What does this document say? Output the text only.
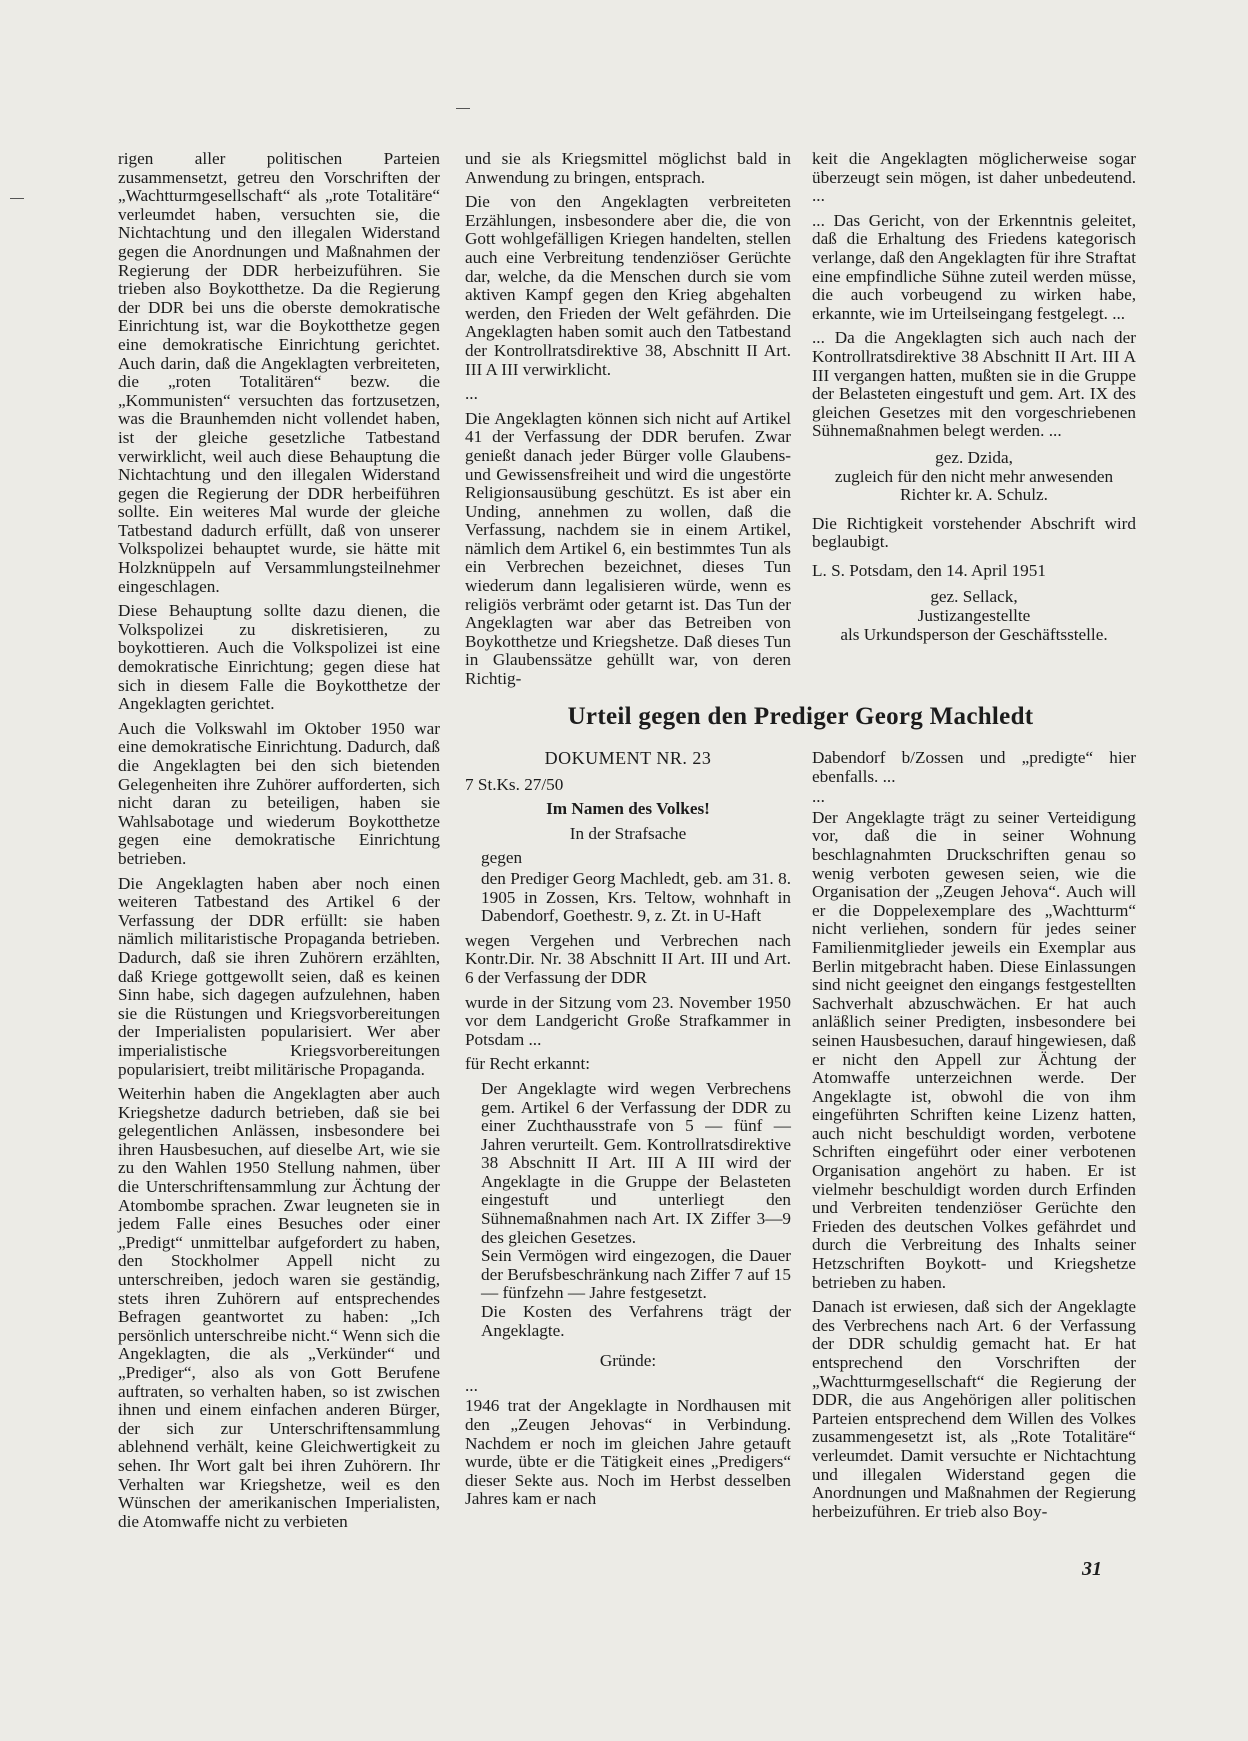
rigen aller politischen Parteien zusammensetzt, getreu den Vorschriften der „Wachtturmgesellschaft“ als „rote Totalitäre“ verleumdet haben, versuchten sie, die Nichtachtung und den illegalen Widerstand gegen die Anordnungen und Maßnahmen der Regierung der DDR herbeizuführen. Sie trieben also Boykotthetze. Da die Regierung der DDR bei uns die oberste demokratische Einrichtung ist, war die Boykotthetze gegen eine demokratische Einrichtung gerichtet. Auch darin, daß die Angeklagten verbreiteten, die „roten Totalitären“ bezw. die „Kommunisten“ versuchten das fortzusetzen, was die Braunhemden nicht vollendet haben, ist der gleiche gesetzliche Tatbestand verwirklicht, weil auch diese Behauptung die Nichtachtung und den illegalen Widerstand gegen die Regierung der DDR herbeiführen sollte. Ein weiteres Mal wurde der gleiche Tatbestand dadurch erfüllt, daß von unserer Volkspolizei behauptet wurde, sie hätte mit Holzknüppeln auf Versammlungsteilnehmer eingeschlagen.

Diese Behauptung sollte dazu dienen, die Volkspolizei zu diskretisieren, zu boykottieren. Auch die Volkspolizei ist eine demokratische Einrichtung; gegen diese hat sich in diesem Falle die Boykotthetze der Angeklagten gerichtet.

Auch die Volkswahl im Oktober 1950 war eine demokratische Einrichtung. Dadurch, daß die Angeklagten bei den sich bietenden Gelegenheiten ihre Zuhörer aufforderten, sich nicht daran zu beteiligen, haben sie Wahlsabotage und wiederum Boykotthetze gegen eine demokratische Einrichtung betrieben.

Die Angeklagten haben aber noch einen weiteren Tatbestand des Artikel 6 der Verfassung der DDR erfüllt: sie haben nämlich militaristische Propaganda betrieben. Dadurch, daß sie ihren Zuhörern erzählten, daß Kriege gottgewollt seien, daß es keinen Sinn habe, sich dagegen aufzulehnen, haben sie die Rüstungen und Kriegsvorbereitungen der Imperialisten popularisiert. Wer aber imperialistische Kriegsvorbereitungen popularisiert, treibt militärische Propaganda.

Weiterhin haben die Angeklagten aber auch Kriegshetze dadurch betrieben, daß sie bei gelegentlichen Anlässen, insbesondere bei ihren Hausbesuchen, auf dieselbe Art, wie sie zu den Wahlen 1950 Stellung nahmen, über die Unterschriftensammlung zur Ächtung der Atombombe sprachen. Zwar leugneten sie in jedem Falle eines Besuches oder einer „Predigt“ unmittelbar aufgefordert zu haben, den Stockholmer Appell nicht zu unterschreiben, jedoch waren sie geständig, stets ihren Zuhörern auf entsprechendes Befragen geantwortet zu haben: „Ich persönlich unterschreibe nicht.“ Wenn sich die Angeklagten, die als „Verkünder“ und „Prediger“, also als von Gott Berufene auftraten, so verhalten haben, so ist zwischen ihnen und einem einfachen anderen Bürger, der sich zur Unterschriftensammlung ablehnend verhält, keine Gleichwertigkeit zu sehen. Ihr Wort galt bei ihren Zuhörern. Ihr Verhalten war Kriegshetze, weil es den Wünschen der amerikanischen Imperialisten, die Atomwaffe nicht zu verbieten

und sie als Kriegsmittel möglichst bald in Anwendung zu bringen, entsprach.

Die von den Angeklagten verbreiteten Erzählungen, insbesondere aber die, die von Gott wohlgefälligen Kriegen handelten, stellen auch eine Verbreitung tendenziöser Gerüchte dar, welche, da die Menschen durch sie vom aktiven Kampf gegen den Krieg abgehalten werden, den Frieden der Welt gefährden. Die Angeklagten haben somit auch den Tatbestand der Kontrollratsdirektive 38, Abschnitt II Art. III A III verwirklicht.

...

Die Angeklagten können sich nicht auf Artikel 41 der Verfassung der DDR berufen. Zwar genießt danach jeder Bürger volle Glaubens- und Gewissensfreiheit und wird die ungestörte Religionsausübung geschützt. Es ist aber ein Unding, annehmen zu wollen, daß die Verfassung, nachdem sie in einem Artikel, nämlich dem Artikel 6, ein bestimmtes Tun als ein Verbrechen bezeichnet, dieses Tun wiederum dann legalisieren würde, wenn es religiös verbrämt oder getarnt ist. Das Tun der Angeklagten war aber das Betreiben von Boykotthetze und Kriegshetze. Daß dieses Tun in Glaubenssätze gehüllt war, von deren Richtig-

keit die Angeklagten möglicherweise sogar überzeugt sein mögen, ist daher unbedeutend. ...

... Das Gericht, von der Erkenntnis geleitet, daß die Erhaltung des Friedens kategorisch verlange, daß den Angeklagten für ihre Straftat eine empfindliche Sühne zuteil werden müsse, die auch vorbeugend zu wirken habe, erkannte, wie im Urteilseingang festgelegt. ...

... Da die Angeklagten sich auch nach der Kontrollratsdirektive 38 Abschnitt II Art. III A III vergangen hatten, mußten sie in die Gruppe der Belasteten eingestuft und gem. Art. IX des gleichen Gesetzes mit den vorgeschriebenen Sühnemaßnahmen belegt werden. ...

gez. Dzida,
zugleich für den nicht mehr anwesenden
Richter kr. A. Schulz.

Die Richtigkeit vorstehender Abschrift wird beglaubigt.

L. S. Potsdam, den 14. April 1951

gez. Sellack,
Justizangestellte
als Urkundsperson der Geschäftsstelle.
Urteil gegen den Prediger Georg Machledt

DOKUMENT NR. 23

7 St.Ks. 27/50

Im Namen des Volkes!

In der Strafsache

gegen

den Prediger Georg Machledt, geb. am 31. 8. 1905 in Zossen, Krs. Teltow, wohnhaft in Dabendorf, Goethestr. 9, z. Zt. in U-Haft

wegen Vergehen und Verbrechen nach Kontr.Dir. Nr. 38 Abschnitt II Art. III und Art. 6 der Verfassung der DDR

wurde in der Sitzung vom 23. November 1950 vor dem Landgericht Große Strafkammer in Potsdam ...

für Recht erkannt:

Der Angeklagte wird wegen Verbrechens gem. Artikel 6 der Verfassung der DDR zu einer Zuchthausstrafe von 5 — fünf — Jahren verurteilt. Gem. Kontrollratsdirektive 38 Abschnitt II Art. III A III wird der Angeklagte in die Gruppe der Belasteten eingestuft und unterliegt den Sühnemaßnahmen nach Art. IX Ziffer 3—9 des gleichen Gesetzes.

Sein Vermögen wird eingezogen, die Dauer der Berufsbeschränkung nach Ziffer 7 auf 15 — fünfzehn — Jahre festgesetzt.

Die Kosten des Verfahrens trägt der Angeklagte.

Gründe:

...

1946 trat der Angeklagte in Nordhausen mit den „Zeugen Jehovas“ in Verbindung. Nachdem er noch im gleichen Jahre getauft wurde, übte er die Tätigkeit eines „Predigers“ dieser Sekte aus. Noch im Herbst desselben Jahres kam er nach

Dabendorf b/Zossen und „predigte“ hier ebenfalls. ...

...

Der Angeklagte trägt zu seiner Verteidigung vor, daß die in seiner Wohnung beschlagnahmten Druckschriften genau so wenig verboten gewesen seien, wie die Organisation der „Zeugen Jehova“. Auch will er die Doppelexemplare des „Wachtturm“ nicht verliehen, sondern für jedes seiner Familienmitglieder jeweils ein Exemplar aus Berlin mitgebracht haben. Diese Einlassungen sind nicht geeignet den eingangs festgestellten Sachverhalt abzuschwächen. Er hat auch anläßlich seiner Predigten, insbesondere bei seinen Hausbesuchen, darauf hingewiesen, daß er nicht den Appell zur Ächtung der Atomwaffe unterzeichnen werde. Der Angeklagte ist, obwohl die von ihm eingeführten Schriften keine Lizenz hatten, auch nicht beschuldigt worden, verbotene Schriften eingeführt oder einer verbotenen Organisation angehört zu haben. Er ist vielmehr beschuldigt worden durch Erfinden und Verbreiten tendenziöser Gerüchte den Frieden des deutschen Volkes gefährdet und durch die Verbreitung des Inhalts seiner Hetzschriften Boykott- und Kriegshetze betrieben zu haben.

Danach ist erwiesen, daß sich der Angeklagte des Verbrechens nach Art. 6 der Verfassung der DDR schuldig gemacht hat. Er hat entsprechend den Vorschriften der „Wachtturmgesellschaft“ die Regierung der DDR, die aus Angehörigen aller politischen Parteien entsprechend dem Willen des Volkes zusammengesetzt ist, als „Rote Totalitäre“ verleumdet. Damit versuchte er Nichtachtung und illegalen Widerstand gegen die Anordnungen und Maßnahmen der Regierung herbeizuführen. Er trieb also Boy-

31
